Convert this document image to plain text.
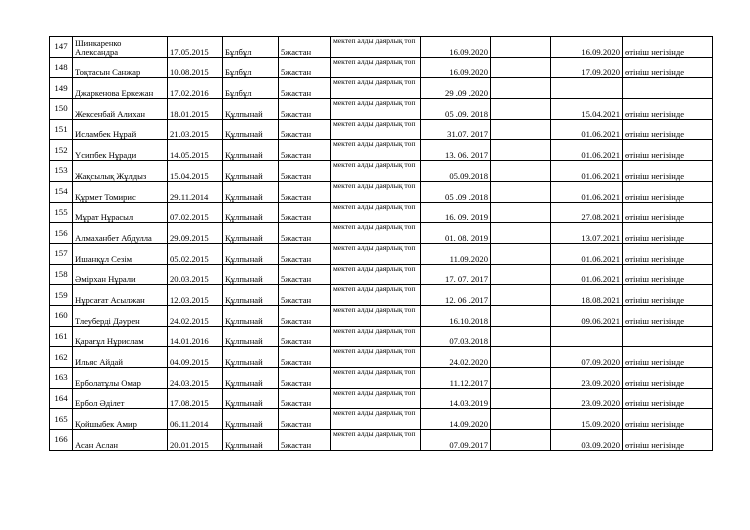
147	Шинкаренко Александра	17.05.2015	Бұлбұл	5жастан	мектеп алды даярлық топ	16.09.2020		16.09.2020	өтініш негізінде
148	Тоқтасын Санжар	10.08.2015	Бұлбұл	5жастан	мектеп алды даярлық топ	16.09.2020		17.09.2020	өтініш негізінде
149	Джаркенова Еркежан	17.02.2016	Бұлбұл	5жастан	мектеп алды даярлық топ	29 .09 .2020			
150	Жексенбай Алихан	18.01.2015	Құлпынай	5жастан	мектеп алды даярлық топ	05 .09. 2018		15.04.2021	өтініш негізінде
151	Исламбек Нұрай	21.03.2015	Құлпынай	5жастан	мектеп алды даярлық топ	31.07. 2017		01.06.2021	өтініш негізінде
152	Үсипбек Нұради	14.05.2015	Құлпынай	5жастан	мектеп алды даярлық топ	13. 06. 2017		01.06.2021	өтініш негізінде
153	Жақсылық Жұлдыз	15.04.2015	Құлпынай	5жастан	мектеп алды даярлық топ	05.09.2018		01.06.2021	өтініш негізінде
154	Құрмет Томирис	29.11.2014	Құлпынай	5жастан	мектеп алды даярлық топ	05 .09 .2018		01.06.2021	өтініш негізінде
155	Мұрат Нұрасыл	07.02.2015	Құлпынай	5жастан	мектеп алды даярлық топ	16. 09. 2019		27.08.2021	өтініш негізінде
156	Алмаханбет Абдулла	29.09.2015	Құлпынай	5жастан	мектеп алды даярлық топ	01. 08. 2019		13.07.2021	өтініш негізінде
157	Ишанқұл Сезім	05.02.2015	Құлпынай	5жастан	мектеп алды даярлық топ	11.09.2020		01.06.2021	өтініш негізінде
158	Әмірхан Нұрали	20.03.2015	Құлпынай	5жастан	мектеп алды даярлық топ	17. 07. 2017		01.06.2021	өтініш негізінде
159	Нұрсағат Асылжан	12.03.2015	Құлпынай	5жастан	мектеп алды даярлық топ	12. 06 .2017		18.08.2021	өтініш негізінде
160	Тлеуберді Дәурен	24.02.2015	Құлпынай	5жастан	мектеп алды даярлық топ	16.10.2018		09.06.2021	өтініш негізінде
161	Қарағұл Нұрислам	14.01.2016	Құлпынай	5жастан	мектеп алды даярлық топ	07.03.2018			
162	Ильяс Айдай	04.09.2015	Құлпынай	5жастан	мектеп алды даярлық топ	24.02.2020		07.09.2020	өтініш негізінде
163	Ерболатұлы Омар	24.03.2015	Құлпынай	5жастан	мектеп алды даярлық топ	11.12.2017		23.09.2020	өтініш негізінде
164	Ербол Әділет	17.08.2015	Құлпынай	5жастан	мектеп алды даярлық топ	14.03.2019		23.09.2020	өтініш негізінде
165	Қойшыбек Амир	06.11.2014	Құлпынай	5жастан	мектеп алды даярлық топ	14.09.2020		15.09.2020	өтініш негізінде
166	Асан Аслан	20.01.2015	Құлпынай	5жастан	мектеп алды даярлық топ	07.09.2017		03.09.2020	өтініш негізінде
